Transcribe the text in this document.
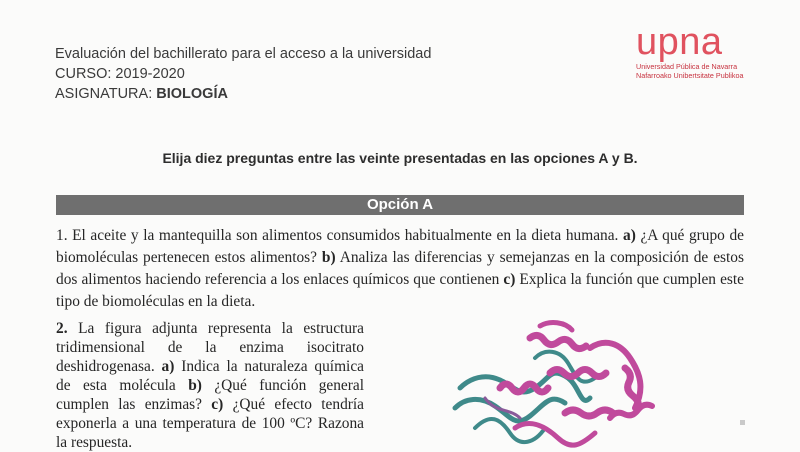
Evaluación del bachillerato para el acceso a la universidad
CURSO: 2019-2020
ASIGNATURA: BIOLOGÍA
upna
Universidad Pública de Navarra
Nafarroako Unibertsitate Publikoa
Elija diez preguntas entre las veinte presentadas en las opciones A y B.
Opción A
1. El aceite y la mantequilla son alimentos consumidos habitualmente en la dieta humana. a) ¿A qué grupo de biomoléculas pertenecen estos alimentos? b) Analiza las diferencias y semejanzas en la composición de estos dos alimentos haciendo referencia a los enlaces químicos que contienen c) Explica la función que cumplen este tipo de biomoléculas en la dieta.
2. La figura adjunta representa la estructura tridimensional de la enzima isocitrato deshidrogenasa. a) Indica la naturaleza química de esta molécula b) ¿Qué función general cumplen las enzimas? c) ¿Qué efecto tendría exponerla a una temperatura de 100 ºC? Razona la respuesta.
